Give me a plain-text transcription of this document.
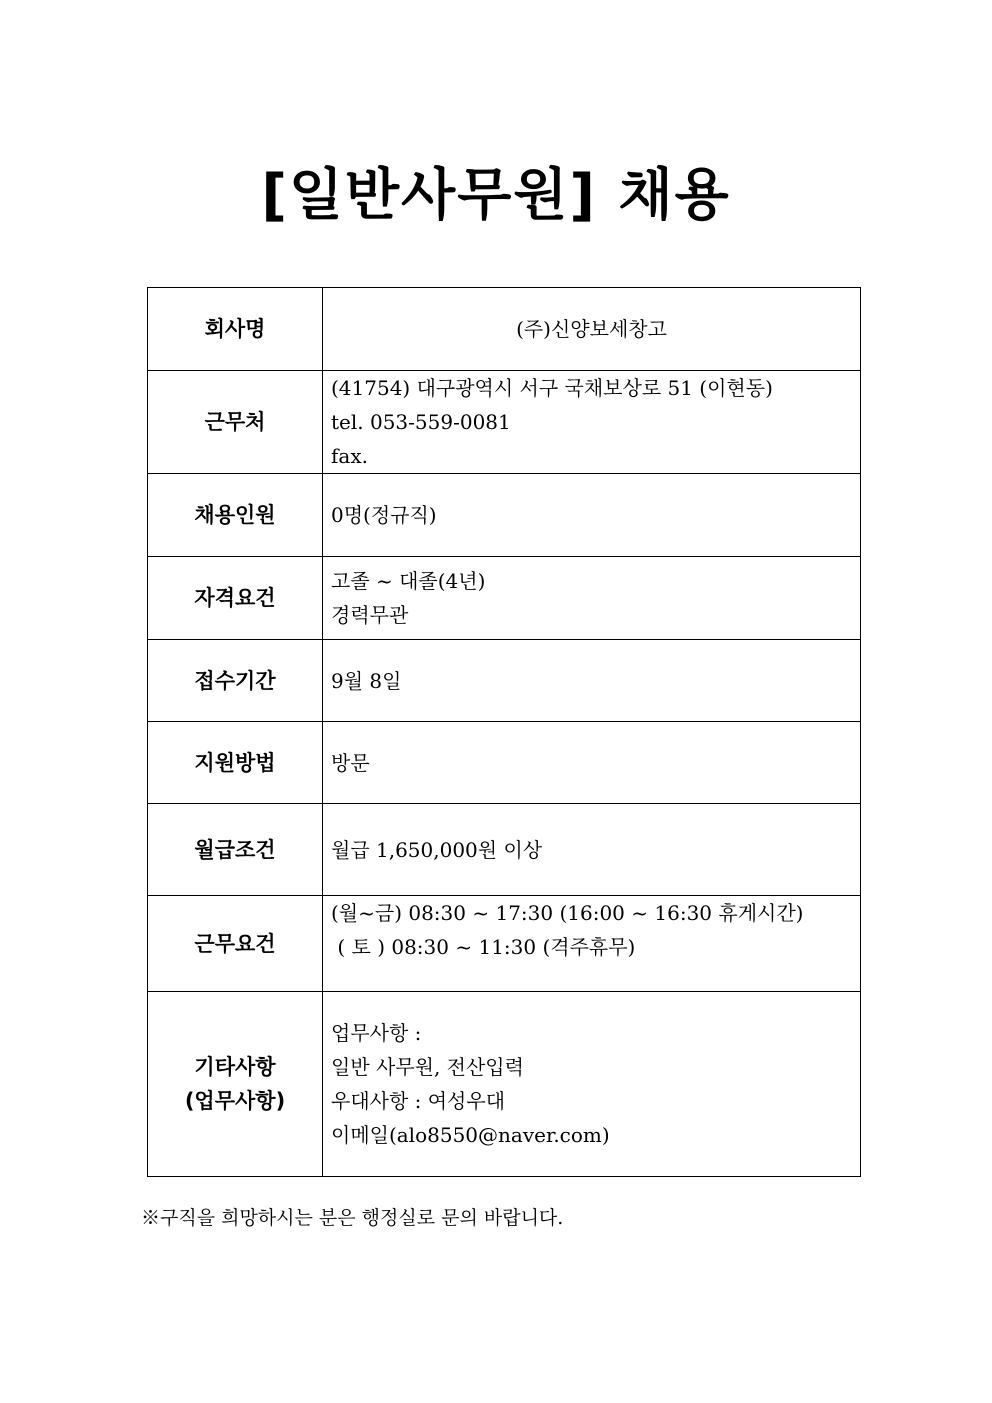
[일반사무원] 채용
회사명	(주)신양보세창고

근무처	(41754) 대구광역시 서구 국채보상로 51 (이현동)
tel. 053-559-0081
fax.

채용인원	0명(정규직)

자격요건	고졸 ~ 대졸(4년)
경력무관

접수기간	9월 8일

지원방법	방문

월급조건	월급 1,650,000원 이상

근무요건	(월~금) 08:30 ~ 17:30 (16:00 ~ 16:30 휴게시간)
( 토 ) 08:30 ~ 11:30 (격주휴무)

기타사항
(업무사항)	업무사항 :
일반 사무원, 전산입력
우대사항 : 여성우대
이메일(alo8550@naver.com)
※구직을 희망하시는 분은 행정실로 문의 바랍니다.
